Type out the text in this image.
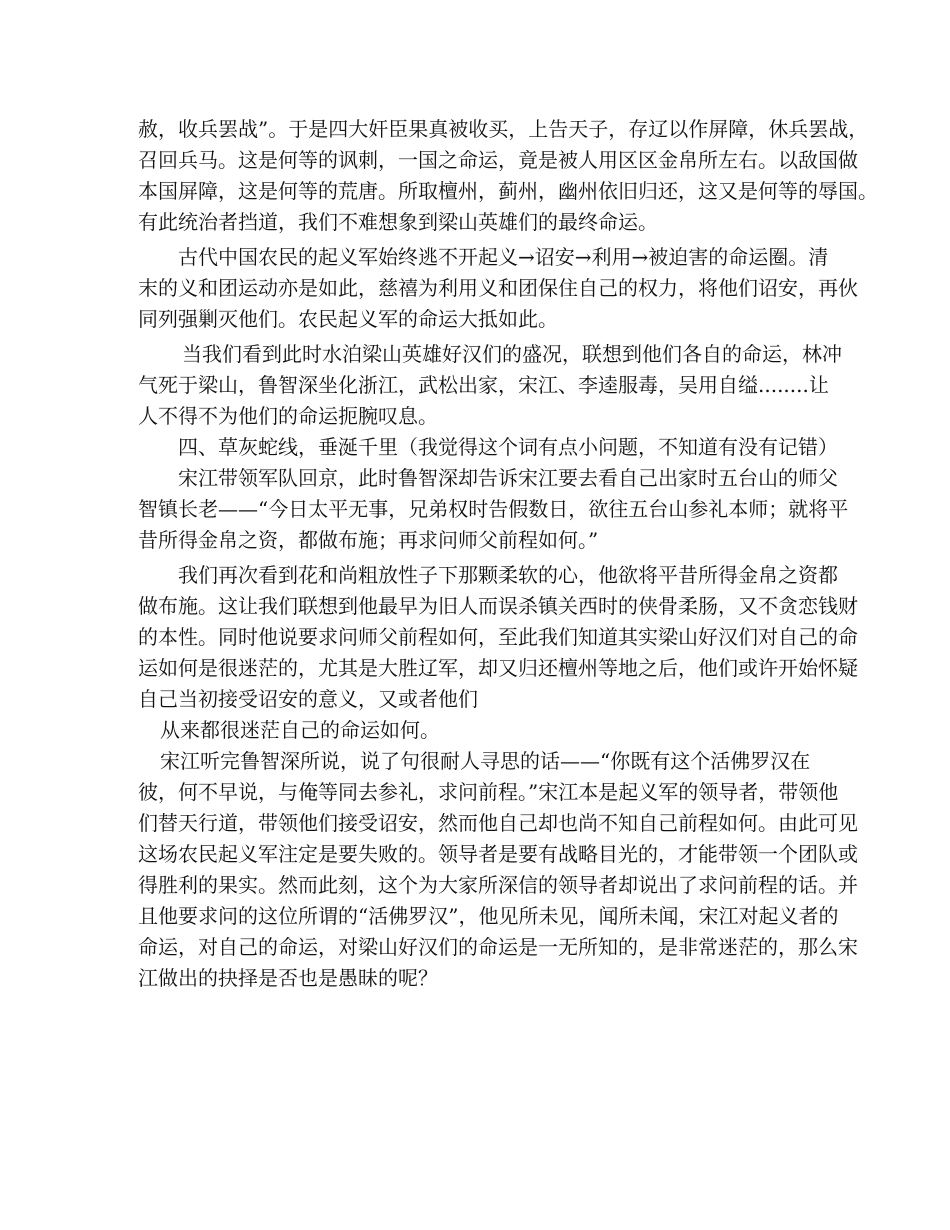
赦，收兵罢战”。于是四大奸臣果真被收买，上告天子，存辽以作屏障，休兵罢战，
召回兵马。这是何等的讽刺，一国之命运，竟是被人用区区金帛所左右。以敌国做
本国屏障，这是何等的荒唐。所取檀州，蓟州，幽州依旧归还，这又是何等的辱国。
有此统治者挡道，我们不难想象到梁山英雄们的最终命运。
古代中国农民的起义军始终逃不开起义→诏安→利用→被迫害的命运圈。清
末的义和团运动亦是如此，慈禧为利用义和团保住自己的权力，将他们诏安，再伙
同列强剿灭他们。农民起义军的命运大抵如此。
当我们看到此时水泊梁山英雄好汉们的盛况，联想到他们各自的命运，林冲
气死于梁山，鲁智深坐化浙江，武松出家，宋江、李逵服毒，吴用自缢........让
人不得不为他们的命运扼腕叹息。
四、草灰蛇线，垂涎千里（我觉得这个词有点小问题，不知道有没有记错）
宋江带领军队回京，此时鲁智深却告诉宋江要去看自己出家时五台山的师父
智镇长老——“今日太平无事，兄弟权时告假数日，欲往五台山参礼本师；就将平
昔所得金帛之资，都做布施；再求问师父前程如何。”
我们再次看到花和尚粗放性子下那颗柔软的心，他欲将平昔所得金帛之资都
做布施。这让我们联想到他最早为旧人而误杀镇关西时的侠骨柔肠，又不贪恋钱财
的本性。同时他说要求问师父前程如何，至此我们知道其实梁山好汉们对自己的命
运如何是很迷茫的，尤其是大胜辽军，却又归还檀州等地之后，他们或许开始怀疑
自己当初接受诏安的意义，又或者他们
从来都很迷茫自己的命运如何。
宋江听完鲁智深所说，说了句很耐人寻思的话——“你既有这个活佛罗汉在
彼，何不早说，与俺等同去参礼，求问前程。”宋江本是起义军的领导者，带领他
们替天行道，带领他们接受诏安，然而他自己却也尚不知自己前程如何。由此可见
这场农民起义军注定是要失败的。领导者是要有战略目光的，才能带领一个团队或
得胜利的果实。然而此刻，这个为大家所深信的领导者却说出了求问前程的话。并
且他要求问的这位所谓的“活佛罗汉”，他见所未见，闻所未闻，宋江对起义者的
命运，对自己的命运，对梁山好汉们的命运是一无所知的，是非常迷茫的，那么宋
江做出的抉择是否也是愚昧的呢？
